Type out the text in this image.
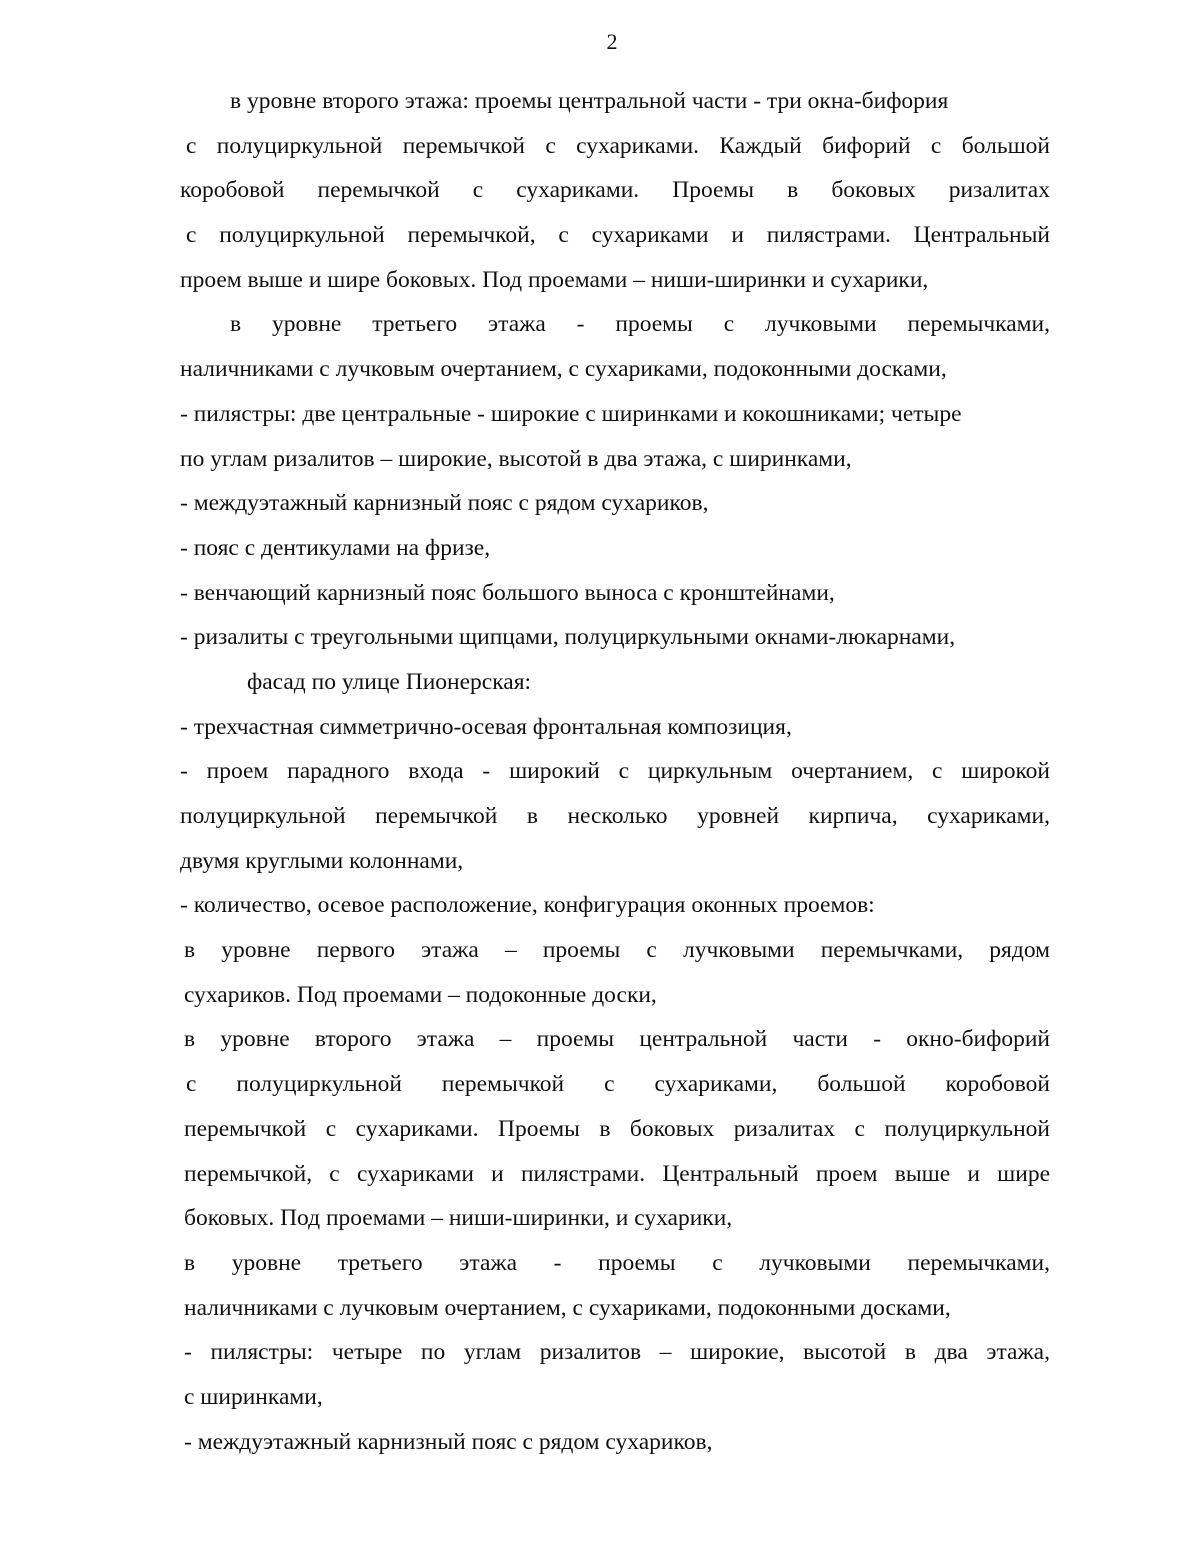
2
в уровне второго этажа: проемы центральной части - три окна-бифория
с полуциркульной перемычкой с сухариками. Каждый бифорий с большой
коробовой перемычкой с сухариками. Проемы в боковых ризалитах
с полуциркульной перемычкой, с сухариками и пилястрами. Центральный
проем выше и шире боковых. Под проемами – ниши-ширинки и сухарики,
в уровне третьего этажа - проемы с лучковыми перемычками,
наличниками с лучковым очертанием, с сухариками, подоконными досками,
- пилястры: две центральные - широкие с ширинками и кокошниками; четыре
по углам ризалитов – широкие, высотой в два этажа, с ширинками,
- междуэтажный карнизный пояс с рядом сухариков,
- пояс с дентикулами на фризе,
- венчающий карнизный пояс большого выноса с кронштейнами,
- ризалиты с треугольными щипцами, полуциркульными окнами-люкарнами,
фасад по улице Пионерская:
- трехчастная симметрично-осевая фронтальная композиция,
- проем парадного входа - широкий с циркульным очертанием, с широкой
полуциркульной перемычкой в несколько уровней кирпича, сухариками,
двумя круглыми колоннами,
- количество, осевое расположение, конфигурация оконных проемов:
в уровне первого этажа – проемы с лучковыми перемычками, рядом
сухариков. Под проемами – подоконные доски,
в уровне второго этажа – проемы центральной части - окно-бифорий
с полуциркульной перемычкой с сухариками, большой коробовой
перемычкой с сухариками. Проемы в боковых ризалитах с полуциркульной
перемычкой, с сухариками и пилястрами. Центральный проем выше и шире
боковых. Под проемами – ниши-ширинки, и сухарики,
в уровне третьего этажа - проемы с лучковыми перемычками,
наличниками с лучковым очертанием, с сухариками, подоконными досками,
- пилястры: четыре по углам ризалитов – широкие, высотой в два этажа,
с ширинками,
- междуэтажный карнизный пояс с рядом сухариков,
